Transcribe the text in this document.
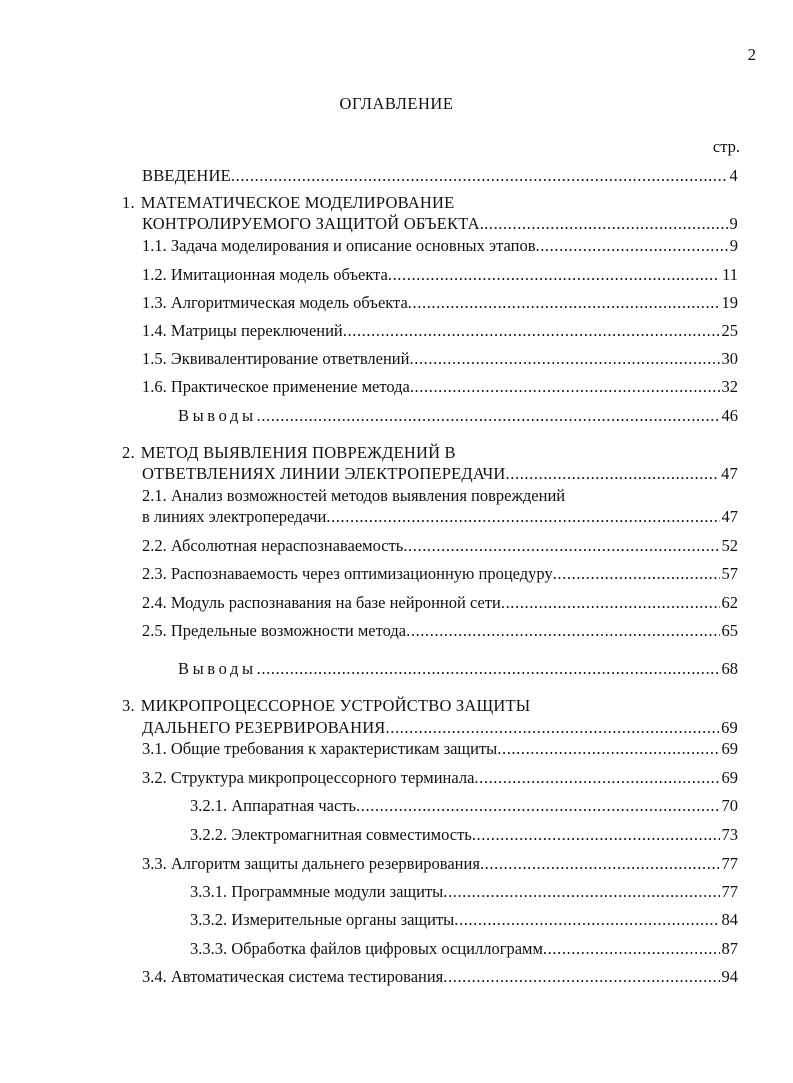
2
ОГЛАВЛЕНИЕ
стр.
ВВЕДЕНИЕ .....	4
1. МАТЕМАТИЧЕСКОЕ МОДЕЛИРОВАНИЕ
КОНТРОЛИРУЕМОГО ЗАЩИТОЙ ОБЪЕКТА. .....	9
1.1. Задача моделирования и описание основных этапов .....	9
1.2. Имитационная модель объекта .....	11
1.3. Алгоритмическая модель объекта .....	19
1.4. Матрицы переключений .....	25
1.5. Эквивалентирование ответвлений .....	30
1.6. Практическое применение метода .....	32
Выводы .....	46
2. МЕТОД ВЫЯВЛЕНИЯ ПОВРЕЖДЕНИЙ В
ОТВЕТВЛЕНИЯХ ЛИНИИ ЭЛЕКТРОПЕРЕДАЧИ .....	47
2.1. Анализ возможностей методов выявления повреждений
в линиях электропередачи .....	47
2.2. Абсолютная нераспознаваемость .....	52
2.3. Распознаваемость через оптимизационную процедуру .....	57
2.4. Модуль распознавания на базе нейронной сети .....	62
2.5. Предельные возможности метода .....	65
Выводы .....	68
3. МИКРОПРОЦЕССОРНОЕ УСТРОЙСТВО ЗАЩИТЫ
ДАЛЬНЕГО РЕЗЕРВИРОВАНИЯ .....	69
3.1. Общие требования к характеристикам защиты .....	69
3.2. Структура микропроцессорного терминала .....	69
3.2.1. Аппаратная часть .....	70
3.2.2. Электромагнитная совместимость .....	73
3.3. Алгоритм защиты дальнего резервирования .....	77
3.3.1. Программные модули защиты .....	77
3.3.2. Измерительные органы защиты .....	84
3.3.3. Обработка файлов цифровых осциллограмм .....	87
3.4. Автоматическая система тестирования .....	94
